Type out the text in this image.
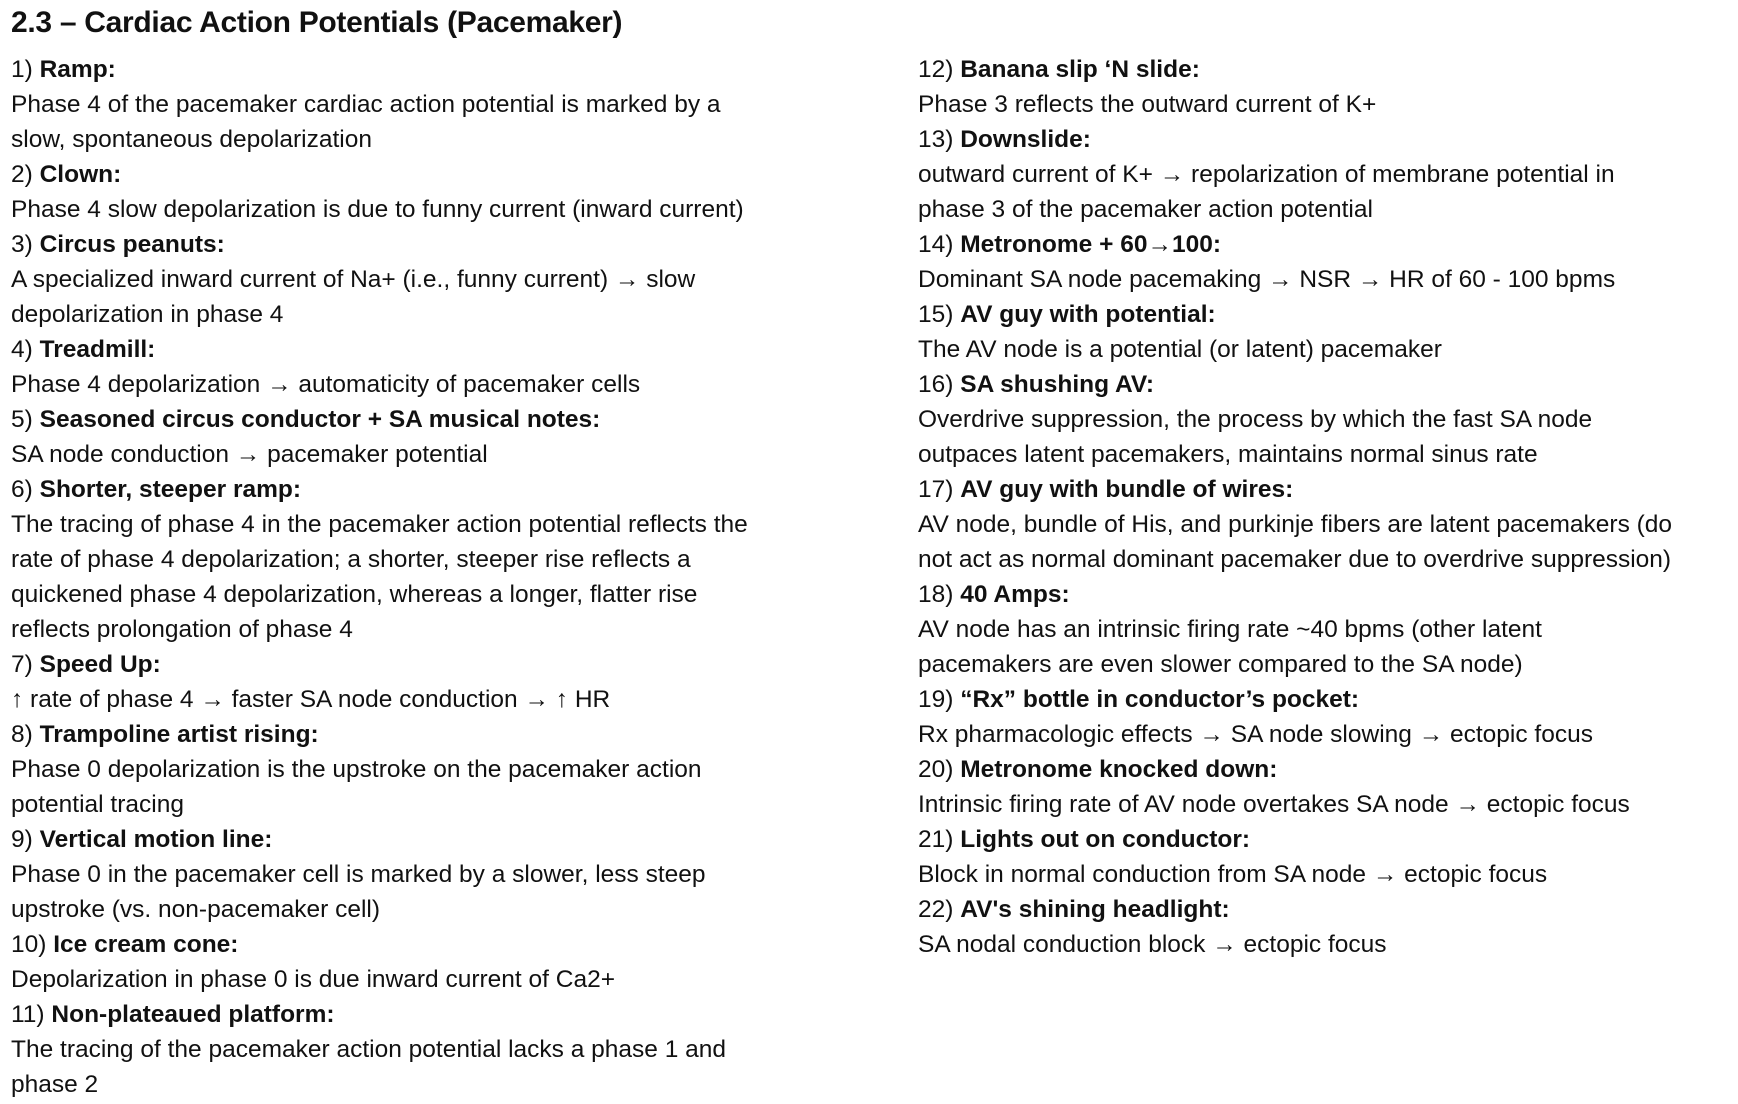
2.3 – Cardiac Action Potentials (Pacemaker)
1) Ramp:
Phase 4 of the pacemaker cardiac action potential is marked by a
slow, spontaneous depolarization
2) Clown:
Phase 4 slow depolarization is due to funny current (inward current)
3) Circus peanuts:
A specialized inward current of Na+ (i.e., funny current) → slow
depolarization in phase 4
4) Treadmill:
Phase 4 depolarization → automaticity of pacemaker cells
5) Seasoned circus conductor + SA musical notes:
SA node conduction → pacemaker potential
6) Shorter, steeper ramp:
The tracing of phase 4 in the pacemaker action potential reflects the
rate of phase 4 depolarization; a shorter, steeper rise reflects a
quickened phase 4 depolarization, whereas a longer, flatter rise
reflects prolongation of phase 4
7) Speed Up:
↑ rate of phase 4 → faster SA node conduction → ↑ HR
8) Trampoline artist rising:
Phase 0 depolarization is the upstroke on the pacemaker action
potential tracing
9) Vertical motion line:
Phase 0 in the pacemaker cell is marked by a slower, less steep
upstroke (vs. non-pacemaker cell)
10) Ice cream cone:
Depolarization in phase 0 is due inward current of Ca2+
11) Non-plateaued platform:
The tracing of the pacemaker action potential lacks a phase 1 and
phase 2
12) Banana slip ‘N slide:
Phase 3 reflects the outward current of K+
13) Downslide:
outward current of K+ → repolarization of membrane potential in
phase 3 of the pacemaker action potential
14) Metronome + 60→100:
Dominant SA node pacemaking → NSR → HR of 60 - 100 bpms
15) AV guy with potential:
The AV node is a potential (or latent) pacemaker
16) SA shushing AV:
Overdrive suppression, the process by which the fast SA node
outpaces latent pacemakers, maintains normal sinus rate
17) AV guy with bundle of wires:
AV node, bundle of His, and purkinje fibers are latent pacemakers (do
not act as normal dominant pacemaker due to overdrive suppression)
18) 40 Amps:
AV node has an intrinsic firing rate ~40 bpms (other latent
pacemakers are even slower compared to the SA node)
19) “Rx” bottle in conductor’s pocket:
Rx pharmacologic effects → SA node slowing → ectopic focus
20) Metronome knocked down:
Intrinsic firing rate of AV node overtakes SA node → ectopic focus
21) Lights out on conductor:
Block in normal conduction from SA node → ectopic focus
22) AV's shining headlight:
SA nodal conduction block → ectopic focus
